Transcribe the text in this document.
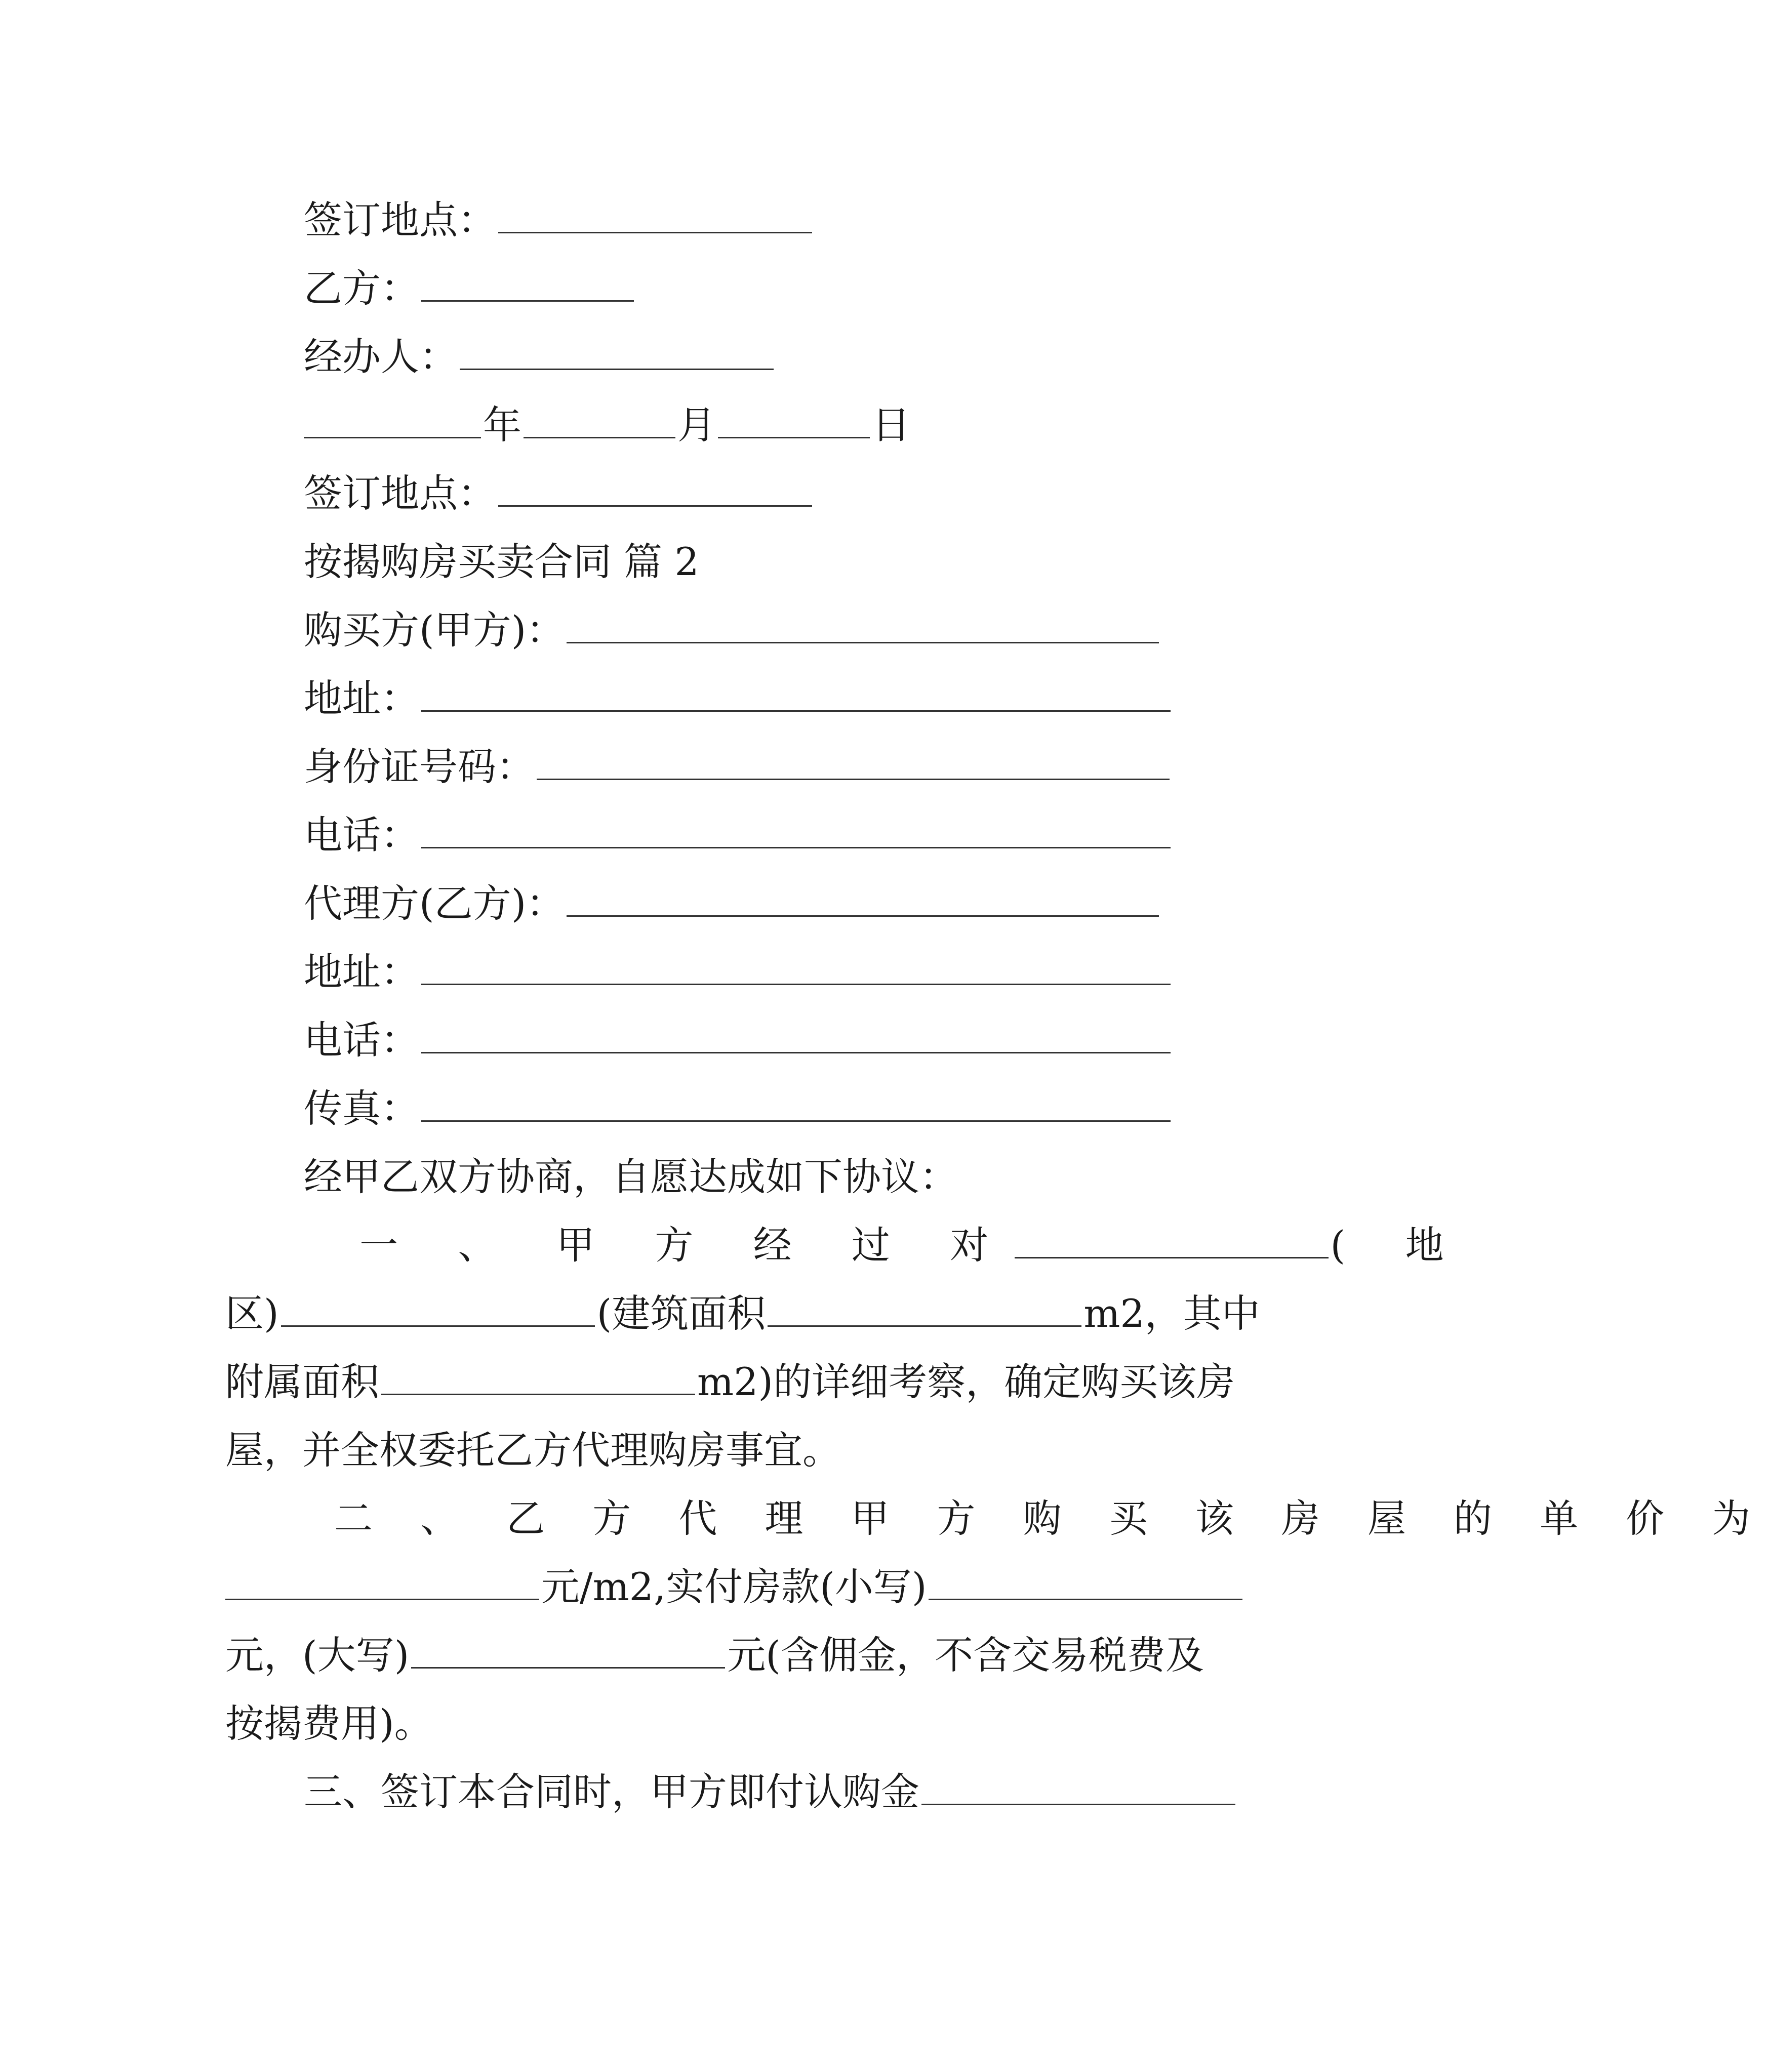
签订地点：
乙方：
经办人：
年	月	日
签订地点：
按揭购房买卖合同 篇 2
购买方(甲方)：
地址：
身份证号码：
电话：
代理方(乙方)：
地址：
电话：
传真：
经甲乙双方协商，自愿达成如下协议：
一 、 甲 方 经 过 对	( 地
区)	(建筑面积	m2，其中
附属面积	m2)的详细考察，确定购买该房
屋，并全权委托乙方代理购房事宜。
二 、 乙 方 代 理 甲 方 购 买 该 房 屋 的 单 价 为
元/m2,实付房款(小写)
元，(大写)	元(含佣金，不含交易税费及
按揭费用)。
三、签订本合同时，甲方即付认购金
